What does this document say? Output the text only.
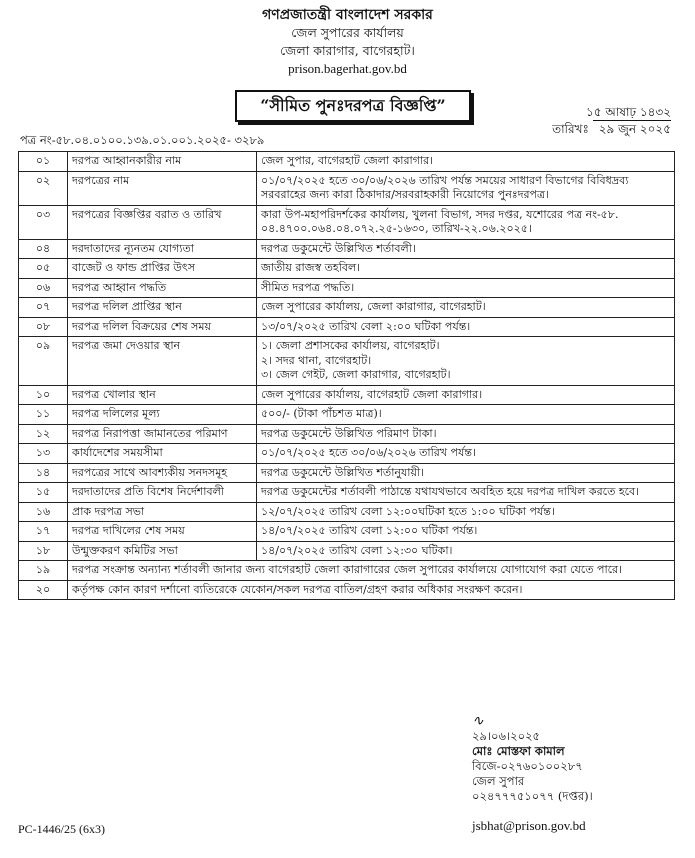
গণপ্রজাতন্ত্রী বাংলাদেশ সরকার
জেল সুপারের কার্যালয়
জেলা কারাগার, বাগেরহাট।
prison.bagerhat.gov.bd
“সীমিত পুনঃদরপত্র বিজ্ঞপ্তি”	১৫ আষাঢ় ১৪৩২
তারিখঃ ২৯ জুন ২০২৫
পত্র নং-৫৮.০৪.০১০০.১৩৯.০১.০০১.২০২৫- ৩২৮৯
০১	দরপত্র আহ্বানকারীর নাম	জেল সুপার, বাগেরহাট জেলা কারাগার।
০২	দরপত্রের নাম	০১/০৭/২০২৫ হতে ৩০/০৬/২০২৬ তারিখ পর্যন্ত সময়ের সাধারণ বিভাগের বিবিধদ্রব্য সরবরাহের জন্য কারা ঠিকাদার/সরবরাহকারী নিয়োগের পুনঃদরপত্র।
০৩	দরপত্রের বিজ্ঞপ্তির বরাত ও তারিখ	কারা উপ-মহাপরিদর্শকের কার্যালয়, খুলনা বিভাগ, সদর দপ্তর, যশোরের পত্র নং-৫৮. ০৪.৪৭০০.০৬৪.০৪.০৭২.২৫-১৬৩০, তারিখ-২২.০৬.২০২৫।
০৪	দরদাতাদের ন্যূনতম যোগ্যতা	দরপত্র ডকুমেন্টে উল্লিখিত শর্তাবলী।
০৫	বাজেট ও ফান্ড প্রাপ্তির উৎস	জাতীয় রাজস্ব তহবিল।
০৬	দরপত্র আহ্বান পদ্ধতি	সীমিত দরপত্র পদ্ধতি।
০৭	দরপত্র দলিল প্রাপ্তির স্থান	জেল সুপারের কার্যালয়, জেলা কারাগার, বাগেরহাট।
০৮	দরপত্র দলিল বিক্রয়ের শেষ সময়	১৩/০৭/২০২৫ তারিখ বেলা ২:০০ ঘটিকা পর্যন্ত।
০৯	দরপত্র জমা দেওয়ার স্থান	১। জেলা প্রশাসকের কার্যালয়, বাগেরহাট।
২। সদর থানা, বাগেরহাট।
৩। জেল গেইট, জেলা কারাগার, বাগেরহাট।
১০	দরপত্র খোলার স্থান	জেল সুপারের কার্যালয়, বাগেরহাট জেলা কারাগার।
১১	দরপত্র দলিলের মূল্য	৫০০/- (টাকা পাঁচশত মাত্র)।
১২	দরপত্র নিরাপত্তা জামানতের পরিমাণ	দরপত্র ডকুমেন্টে উল্লিখিত পরিমাণ টাকা।
১৩	কার্যাদেশের সময়সীমা	০১/০৭/২০২৫ হতে ৩০/০৬/২০২৬ তারিখ পর্যন্ত।
১৪	দরপত্রের সাথে আবশ্যকীয় সনদসমূহ	দরপত্র ডকুমেন্টে উল্লিখিত শর্তানুযায়ী।
১৫	দরদাতাদের প্রতি বিশেষ নির্দেশাবলী	দরপত্র ডকুমেন্টের শর্তাবলী পাঠান্তে যথাযথভাবে অবহিত হয়ে দরপত্র দাখিল করতে হবে।
১৬	প্রাক দরপত্র সভা	১২/০৭/২০২৫ তারিখ বেলা ১২:০০ঘটিকা হতে ১:০০ ঘটিকা পর্যন্ত।
১৭	দরপত্র দাখিলের শেষ সময়	১৪/০৭/২০২৫ তারিখ বেলা ১২:০০ ঘটিকা পর্যন্ত।
১৮	উন্মুক্তকরণ কমিটির সভা	১৪/০৭/২০২৫ তারিখ বেলা ১২:৩০ ঘটিকা।
১৯	দরপত্র সংক্রান্ত অন্যান্য শর্তাবলী জানার জন্য বাগেরহাট জেলা কারাগারের জেল সুপারের কার্যালয়ে যোগাযোগ করা যেতে পারে।	
২০	কর্তৃপক্ষ কোন কারণ দর্শানো ব্যতিরেকে যেকোন/সকল দরপত্র বাতিল/গ্রহণ করার অধিকার সংরক্ষণ করেন।	
∿
২৯।০৬।২০২৫
মোঃ মোস্তফা কামাল
বিজে-০২৭৬০১০০২৮৭
জেল সুপার
০২৪৭৭৭৫১০৭৭ (দপ্তর)।
PC-1446/25 (6x3)	jsbhat@prison.gov.bd
